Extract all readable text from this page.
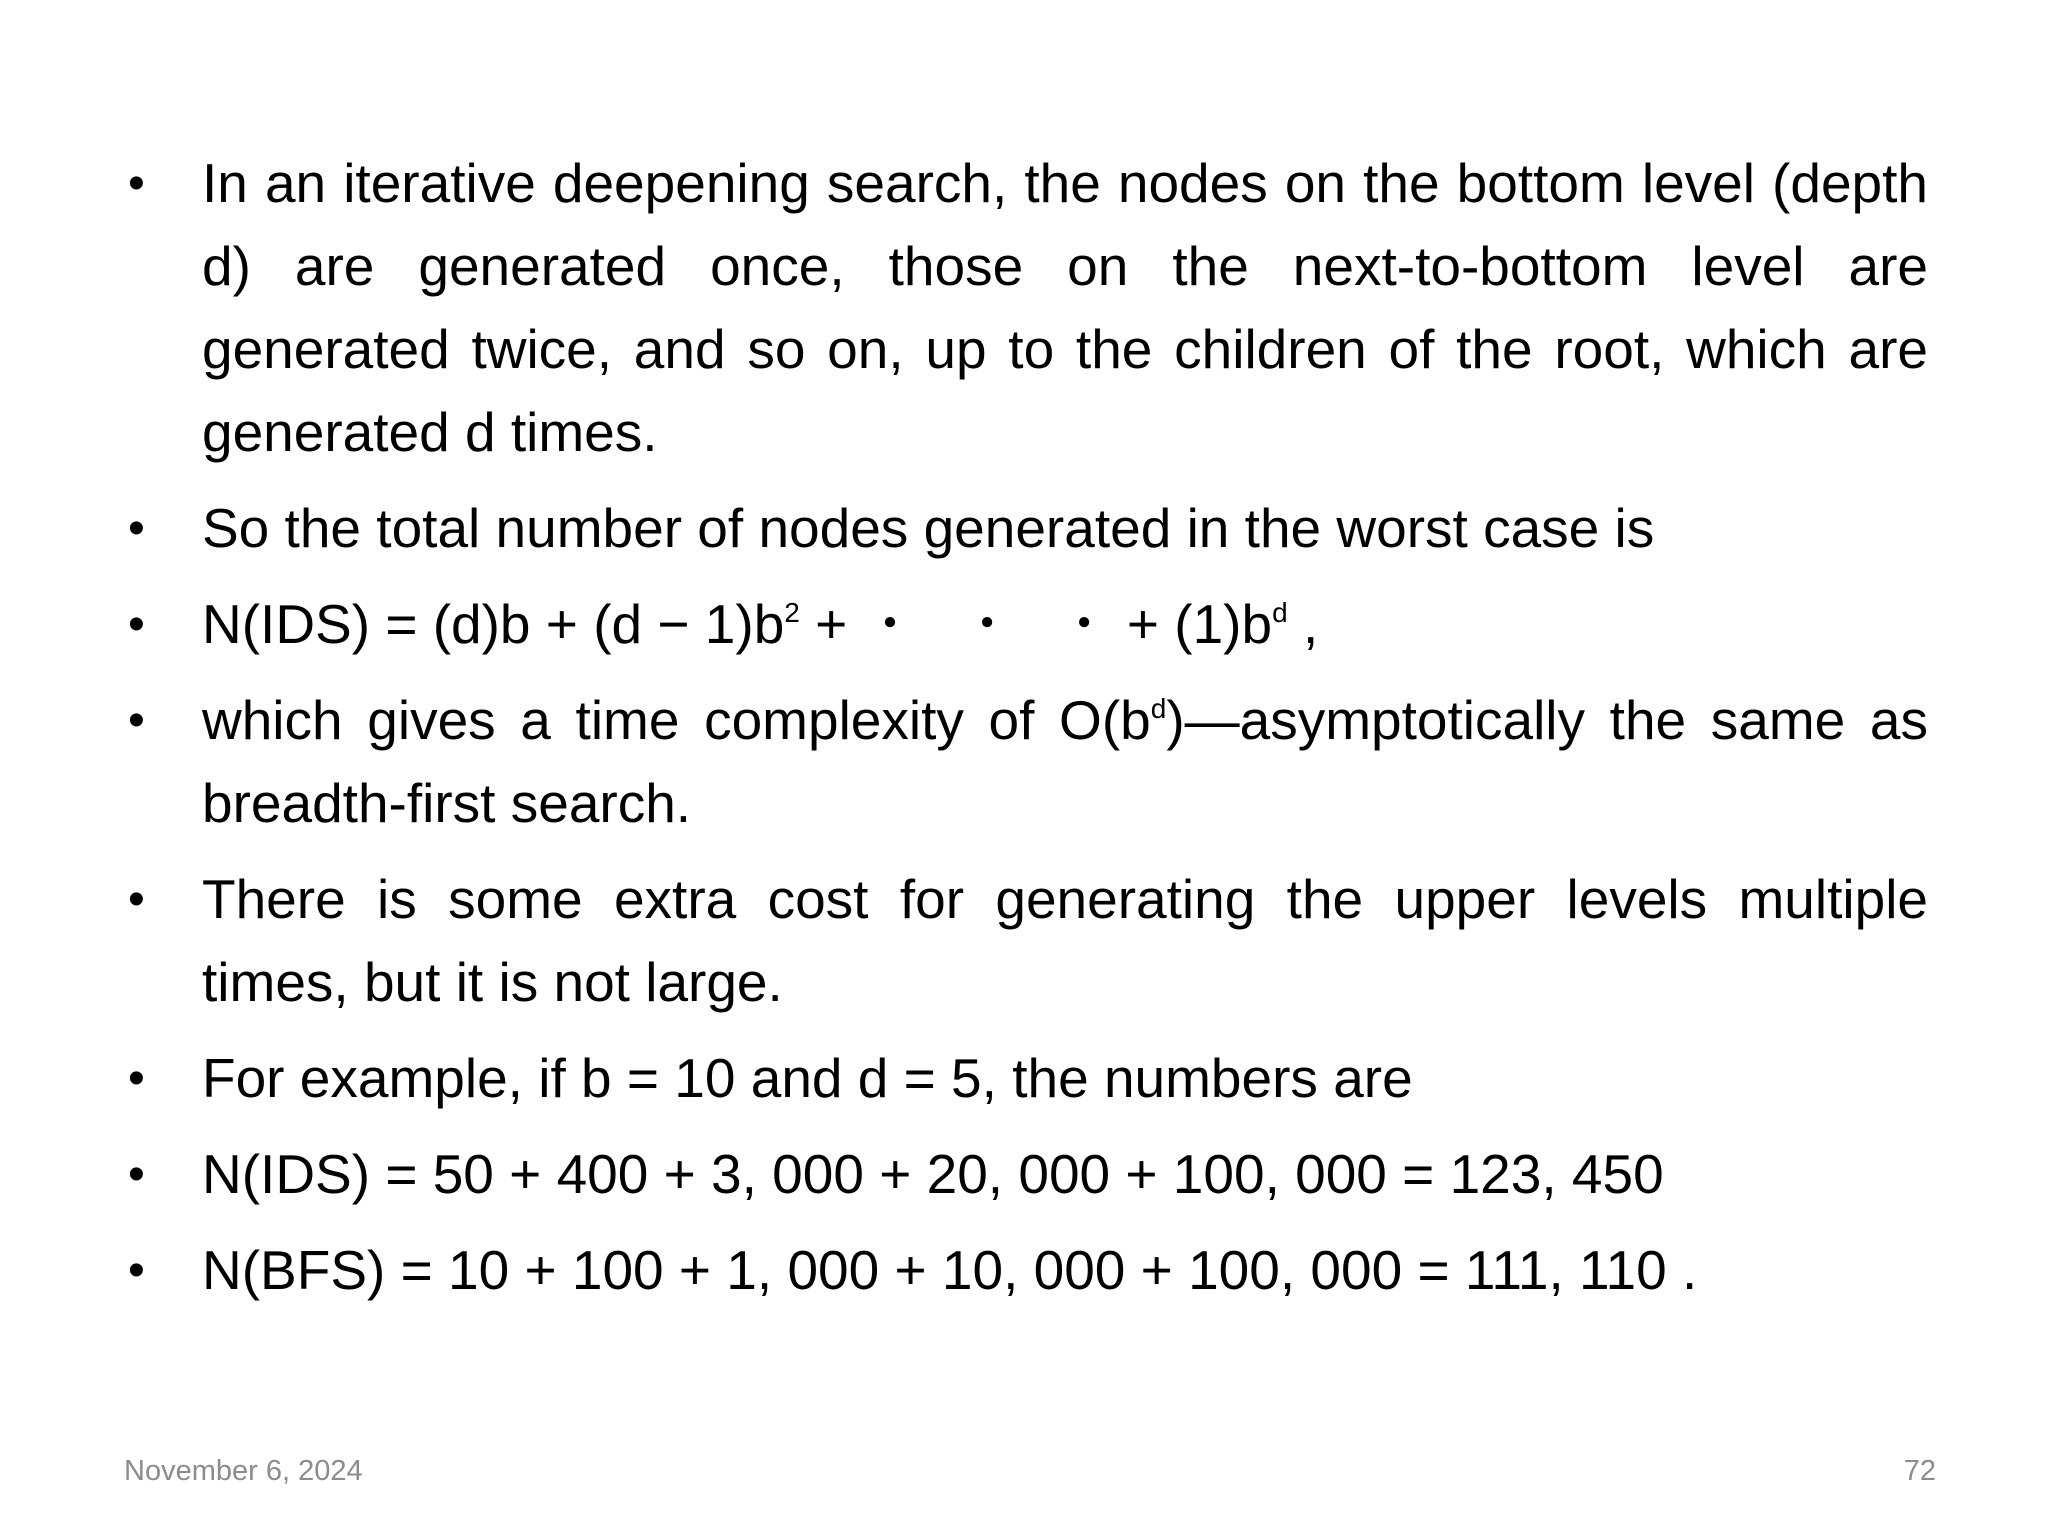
• In an iterative deepening search, the nodes on the bottom level (depth d) are generated once, those on the next-to-bottom level are generated twice, and so on, up to the children of the root, which are generated d times.
• So the total number of nodes generated in the worst case is
• $N(IDS) = (d)b + (d - 1)b^2$ + ・ ・ ・ + $(1)b^d$ ,
• which gives a time complexity of $O(b^d)—asymptotically$ the same as breadth-first search.
• There is some extra cost for generating the upper levels multiple times, but it is not large.
• For example, if b = 10 and d = 5, the numbers are
• N(IDS) = 50 + 400 + 3, 000 + 20, 000 + 100, 000 = 123, 450
• N(BFS) = 10 + 100 + 1, 000 + 10, 000 + 100, 000 = 111, 110 .
November 6, 2024	72
